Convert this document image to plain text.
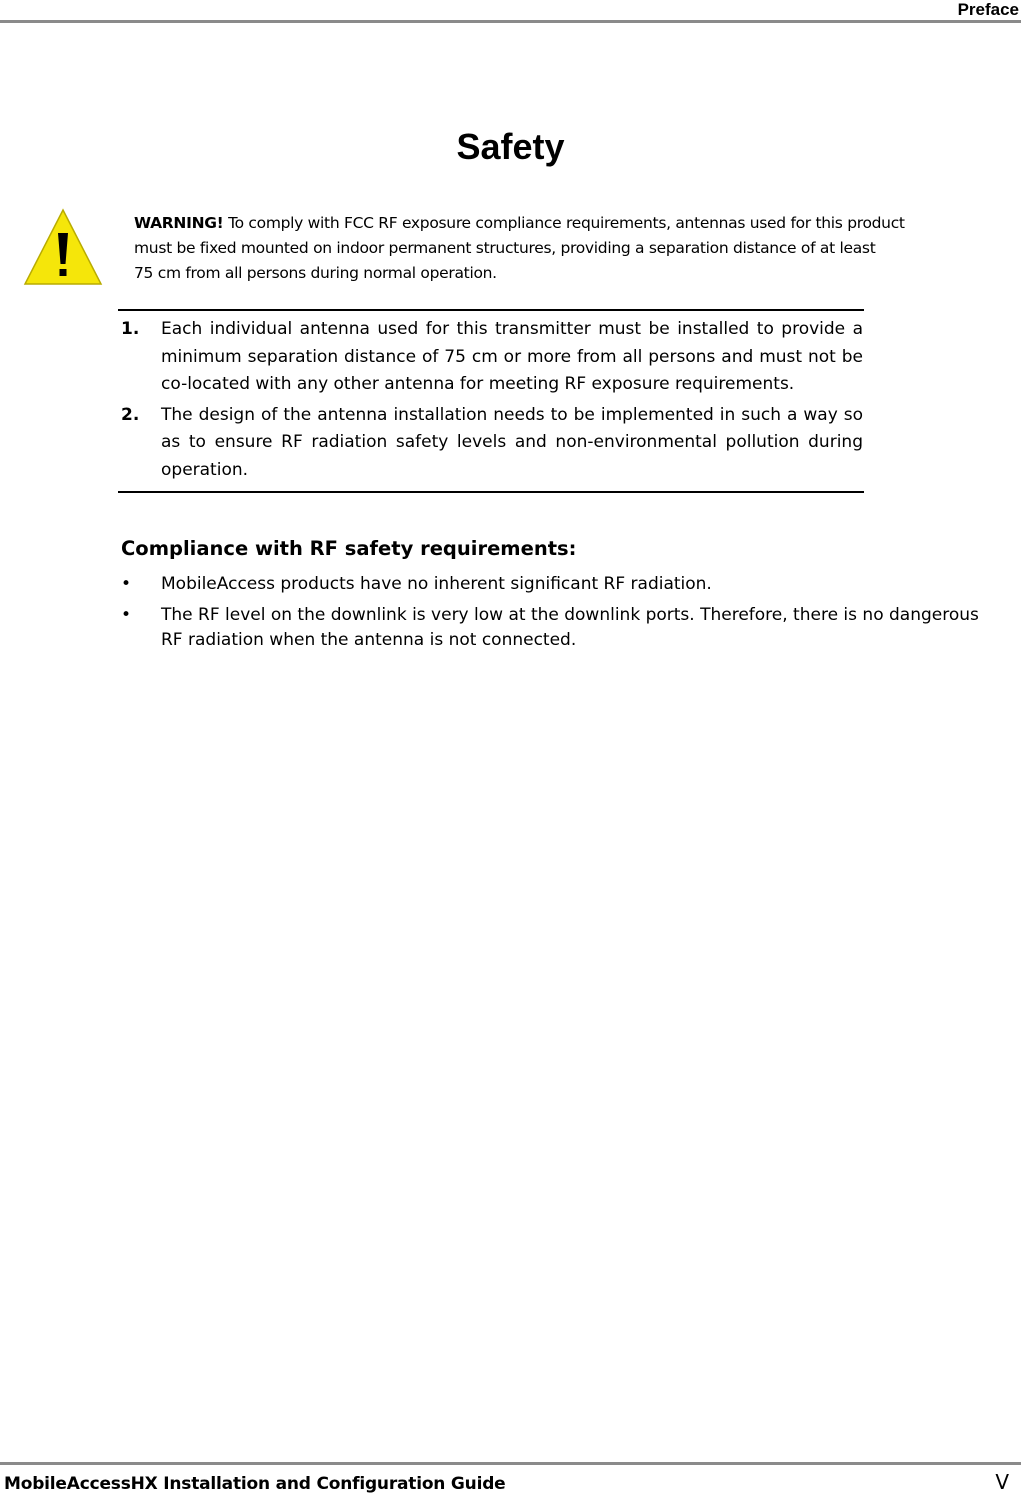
Preface
Safety
WARNING! To comply with FCC RF exposure compliance requirements, antennas used for this product
must be fixed mounted on indoor permanent structures, providing a separation distance of at least
75 cm from all persons during normal operation.
1.	Each individual antenna used for this transmitter must be installed to provide a minimum separation distance of 75 cm or more from all persons and must not be co-located with any other antenna for meeting RF exposure requirements.
2.	The design of the antenna installation needs to be implemented in such a way so as to ensure RF radiation safety levels and non-environmental pollution during operation.
Compliance with RF safety requirements:
•	MobileAccess products have no inherent significant RF radiation.
•	The RF level on the downlink is very low at the downlink ports. Therefore, there is no dangerous RF radiation when the antenna is not connected.
MobileAccessHX Installation and Configuration Guide	V
